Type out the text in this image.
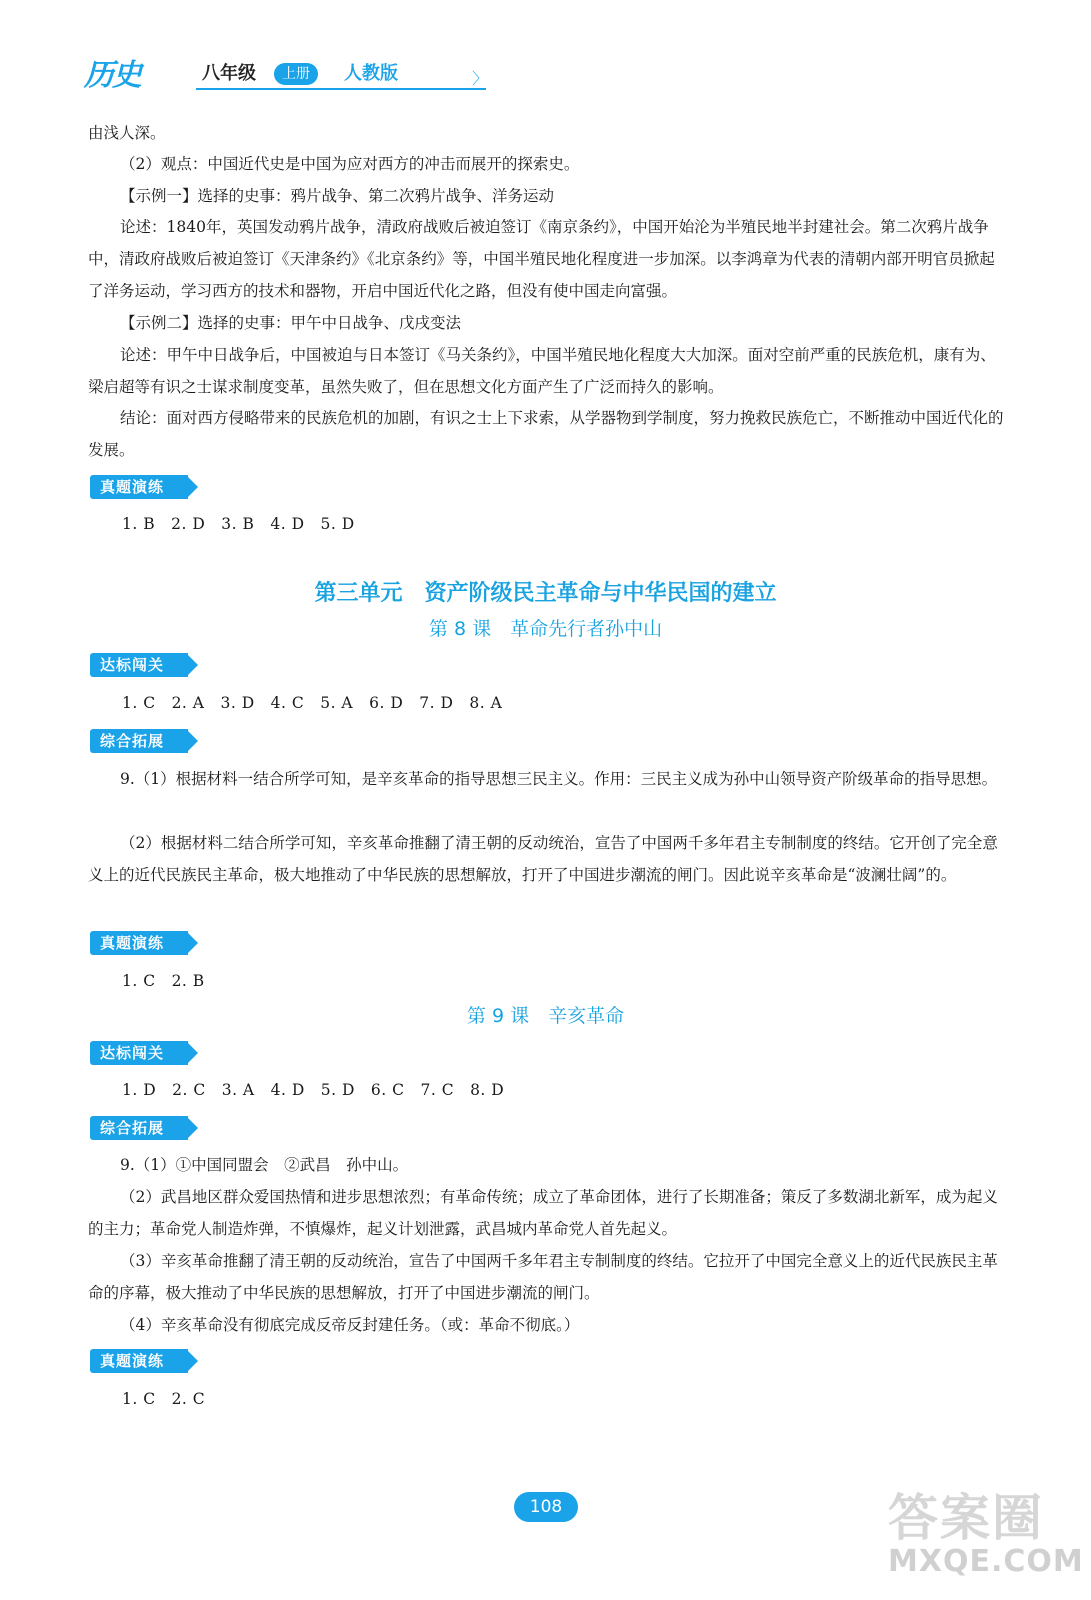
历史	八年级	上册	人教版	〉

由浅人深。

（2）观点：中国近代史是中国为应对西方的冲击而展开的探索史。

【示例一】选择的史事：鸦片战争、第二次鸦片战争、洋务运动

论述：1840年，英国发动鸦片战争，清政府战败后被迫签订《南京条约》，中国开始沦为半殖民地半封建社会。第二次鸦片战争中，清政府战败后被迫签订《天津条约》《北京条约》等，中国半殖民地化程度进一步加深。以李鸿章为代表的清朝内部开明官员掀起了洋务运动，学习西方的技术和器物，开启中国近代化之路，但没有使中国走向富强。

【示例二】选择的史事：甲午中日战争、戊戌变法

论述：甲午中日战争后，中国被迫与日本签订《马关条约》，中国半殖民地化程度大大加深。面对空前严重的民族危机，康有为、梁启超等有识之士谋求制度变革，虽然失败了，但在思想文化方面产生了广泛而持久的影响。

结论：面对西方侵略带来的民族危机的加剧，有识之士上下求索，从学器物到学制度，努力挽救民族危亡，不断推动中国近代化的发展。

真题演练
1. B　2. D　3. B　4. D　5. D
第三单元　资产阶级民主革命与中华民国的建立
第 8 课　革命先行者孙中山
达标闯关
1. C　2. A　3. D　4. C　5. A　6. D　7. D　8. A
综合拓展

9.（1）根据材料一结合所学可知，是辛亥革命的指导思想三民主义。作用：三民主义成为孙中山领导资产阶级革命的指导思想。

（2）根据材料二结合所学可知，辛亥革命推翻了清王朝的反动统治，宣告了中国两千多年君主专制制度的终结。它开创了完全意义上的近代民族民主革命，极大地推动了中华民族的思想解放，打开了中国进步潮流的闸门。因此说辛亥革命是“波澜壮阔”的。

真题演练
1. C　2. B
第 9 课　辛亥革命
达标闯关
1. D　2. C　3. A　4. D　5. D　6. C　7. C　8. D
综合拓展

9.（1）①中国同盟会　②武昌　孙中山。

（2）武昌地区群众爱国热情和进步思想浓烈；有革命传统；成立了革命团体，进行了长期准备；策反了多数湖北新军，成为起义的主力；革命党人制造炸弹，不慎爆炸，起义计划泄露，武昌城内革命党人首先起义。

（3）辛亥革命推翻了清王朝的反动统治，宣告了中国两千多年君主专制制度的终结。它拉开了中国完全意义上的近代民族民主革命的序幕，极大推动了中华民族的思想解放，打开了中国进步潮流的闸门。

（4）辛亥革命没有彻底完成反帝反封建任务。（或：革命不彻底。）

真题演练
1. C　2. C
108	答案圈
MXQE.COM
